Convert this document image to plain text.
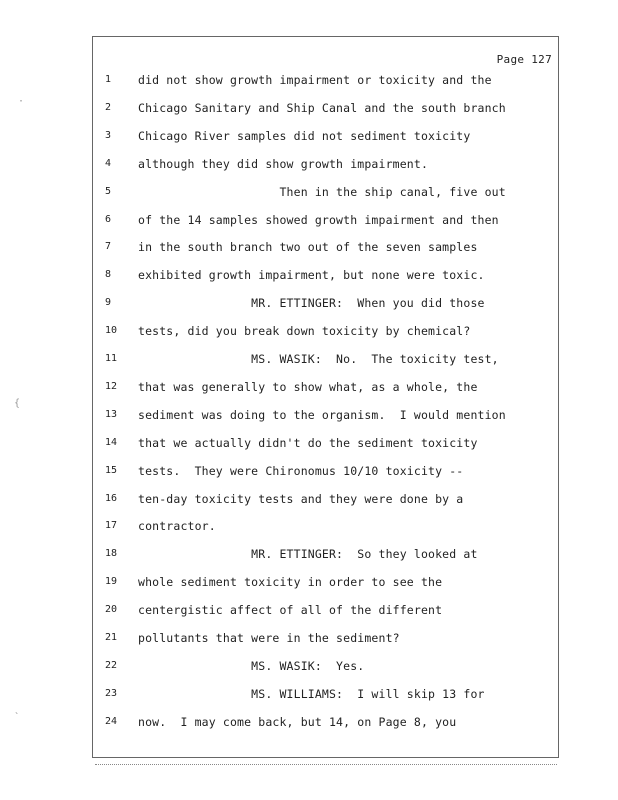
Page 127
1	did not show growth impairment or toxicity and the
2	Chicago Sanitary and Ship Canal and the south branch
3	Chicago River samples did not sediment toxicity
4	although they did show growth impairment.
5	Then in the ship canal, five out
6	of the 14 samples showed growth impairment and then
7	in the south branch two out of the seven samples
8	exhibited growth impairment, but none were toxic.
9	MR. ETTINGER:  When you did those
10 tests, did you break down toxicity by chemical?
11 MS. WASIK:  No.  The toxicity test,
12 that was generally to show what, as a whole, the
13 sediment was doing to the organism.  I would mention
14 that we actually didn't do the sediment toxicity
15 tests.  They were Chironomus 10/10 toxicity --
16 ten-day toxicity tests and they were done by a
17 contractor.
18 MR. ETTINGER:  So they looked at
19 whole sediment toxicity in order to see the
20 centergistic affect of all of the different
21 pollutants that were in the sediment?
22 MS. WASIK:  Yes.
23 MS. WILLIAMS:  I will skip 13 for
24 now.  I may come back, but 14, on Page 8, you
·
{
`
